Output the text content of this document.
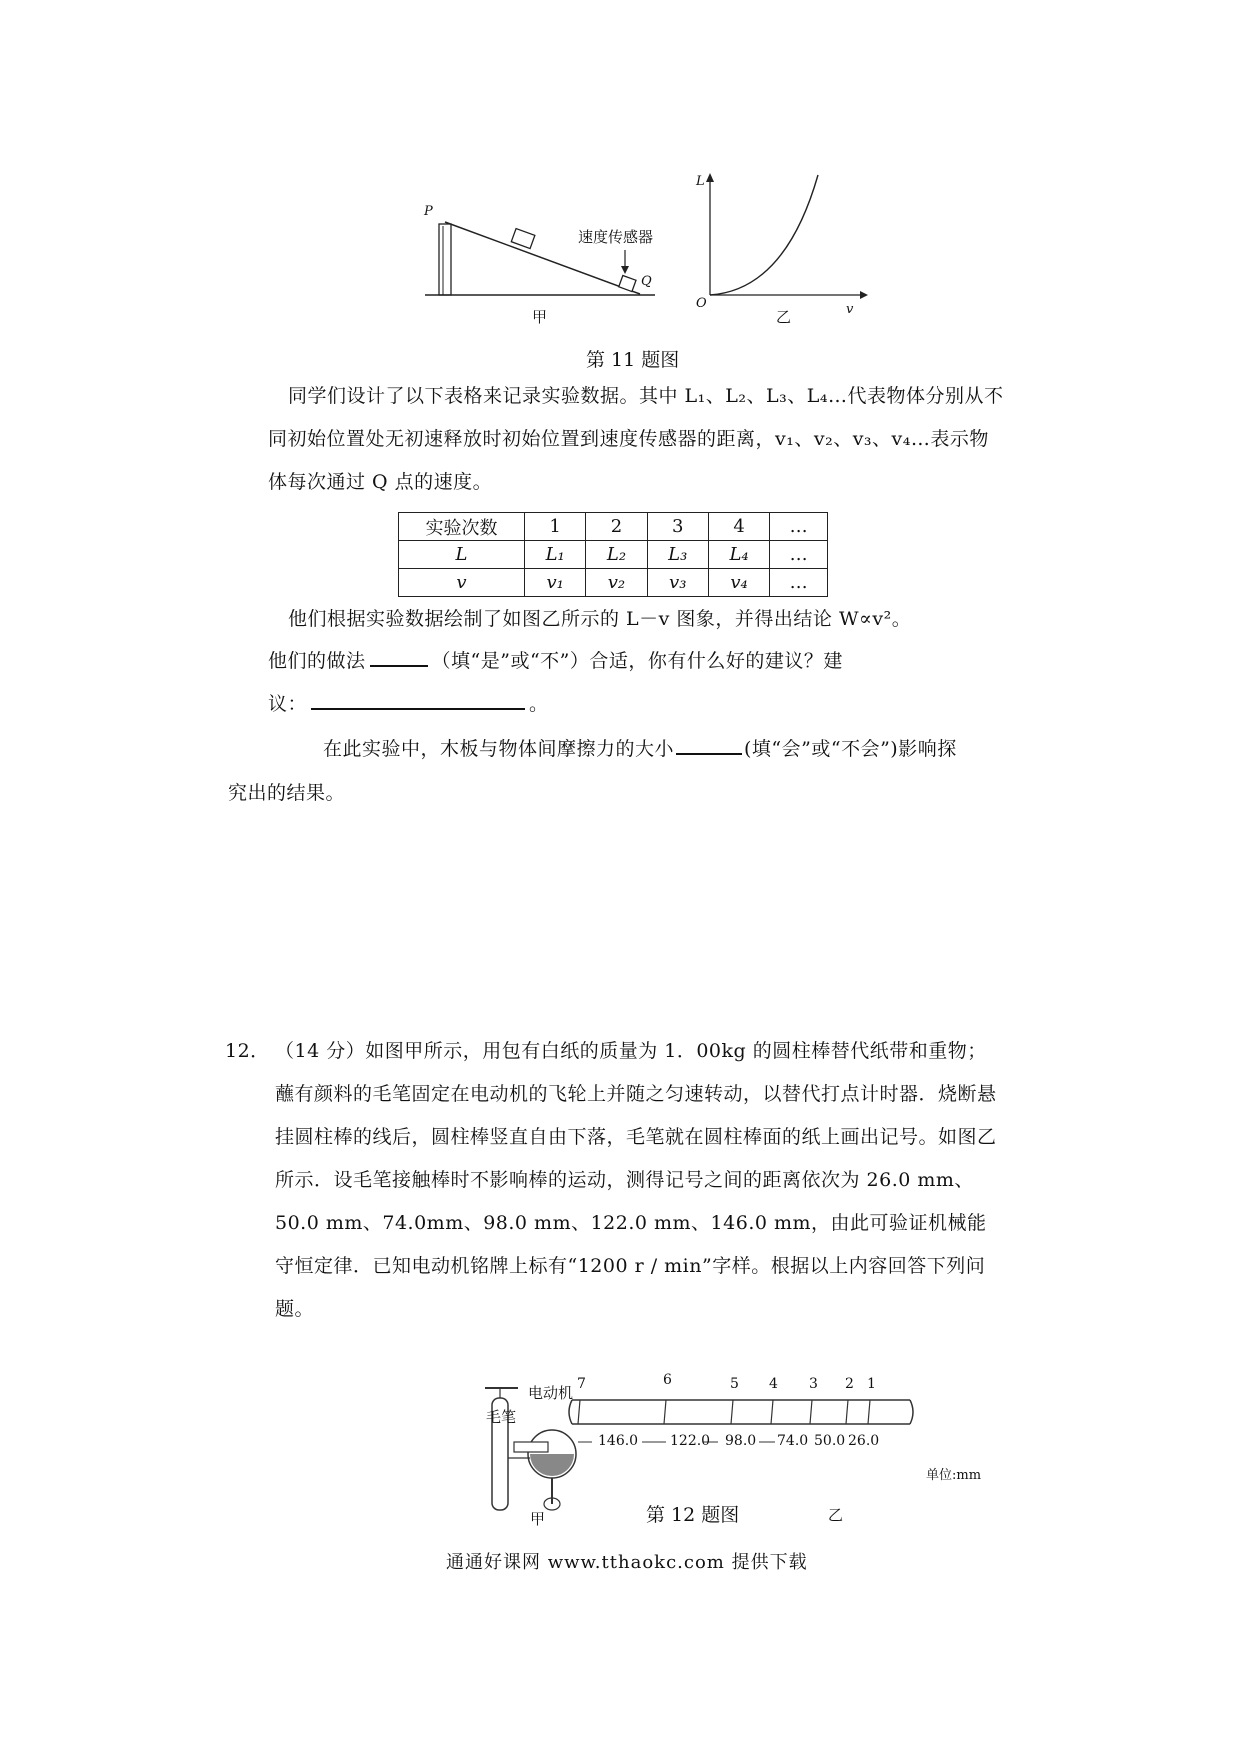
P
Q
速度传感器
甲
L
v
O
乙
第 11 题图
同学们设计了以下表格来记录实验数据。其中 L₁、L₂、L₃、L₄…代表物体分别从不同初始位置处无初速释放时初始位置到速度传感器的距离，v₁、v₂、v₃、v₄…表示物体每次通过 Q 点的速度。
实验次数	1	2	3	4	…
L	L₁	L₂	L₃	L₄	…
v	v₁	v₂	v₃	v₄	…
他们根据实验数据绘制了如图乙所示的 L－v 图象，并得出结论 W∝v²。
他们的做法	（填“是”或“不”）合适，你有什么好的建议？建
议：	。
在此实验中，木板与物体间摩擦力的大小	(填“会”或“不会”)影响探
究出的结果。
12． （14 分）如图甲所示，用包有白纸的质量为 1．00kg 的圆柱棒替代纸带和重物；蘸有颜料的毛笔固定在电动机的飞轮上并随之匀速转动，以替代打点计时器．烧断悬挂圆柱棒的线后，圆柱棒竖直自由下落，毛笔就在圆柱棒面的纸上画出记号。如图乙所示．设毛笔接触棒时不影响棒的运动，测得记号之间的距离依次为 26.0 mm、50.0 mm、74.0mm、98.0 mm、122.0 mm、146.0 mm，由此可验证机械能守恒定律．已知电动机铭牌上标有“1200 r / min”字样。根据以上内容回答下列问题。
毛笔
电动机
甲
7	6	5 4 3 2 1
146.0 122.0 98.0 74.0 50.0 26.0
单位:mm
第 12 题图	乙
通通好课网 www.tthaokc.com 提供下载
